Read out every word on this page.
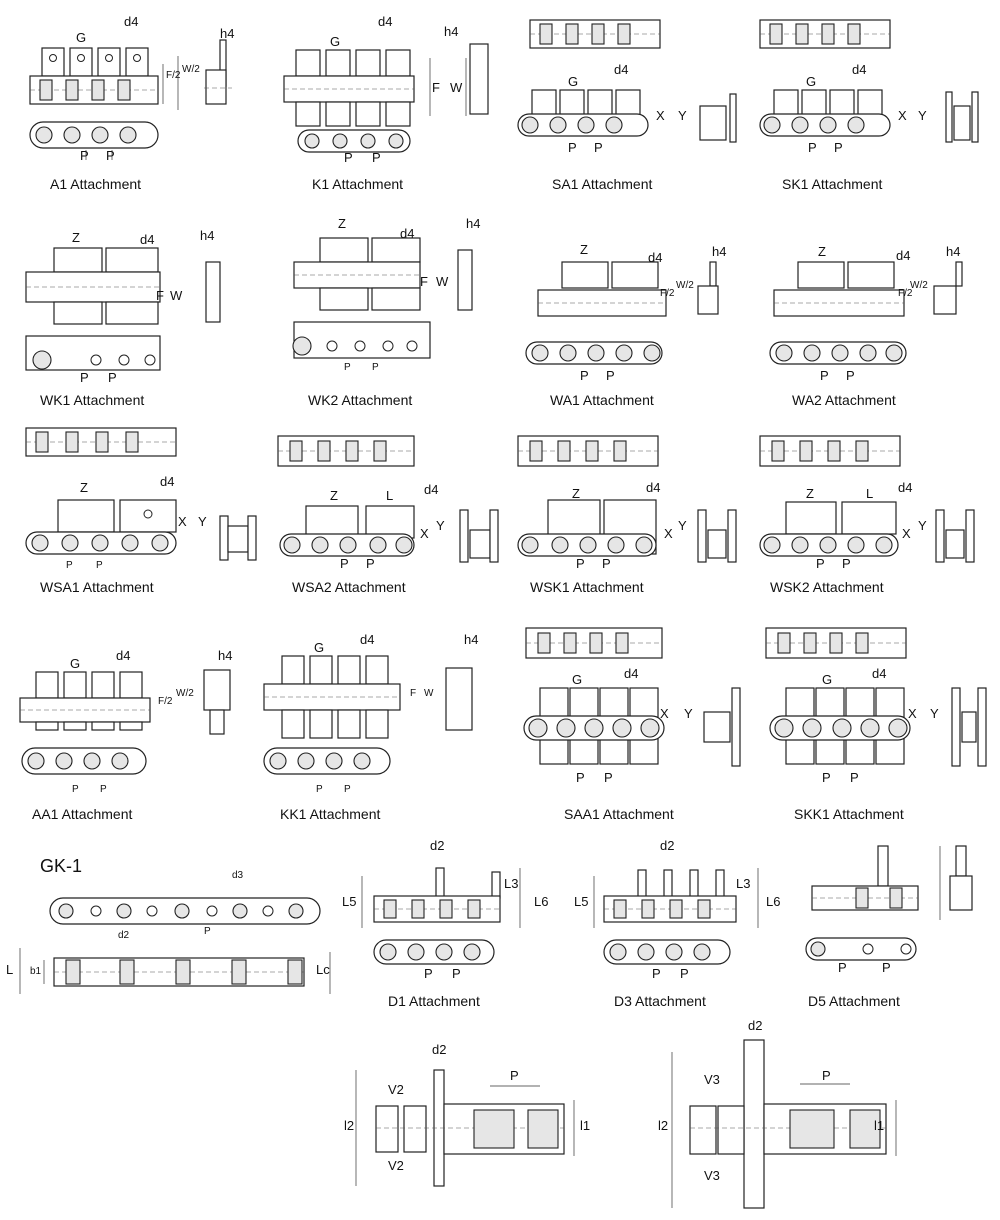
G
d4
h4
F/2
W/2
P P
A1 Attachment
G
d4
h4
F W
P P
K1 Attachment
G
d4
X Y
P P
SA1 Attachment
G
d4
X Y
P P
SK1 Attachment
Z	d4	h4
F W
P P
WK1 Attachment
Z
d4
h4
F W
P P
WK2 Attachment
Z
d4	h4
F/2
W/2
P P
WA1 Attachment
Z	d4	h4
F/2
W/2
P P
WA2 Attachment
Z	d4
X Y
P P
WSA1 Attachment
Z	L d4
X
Y
P P
WSA2 Attachment
Z	d4
X
Y
P P
WSK1 Attachment
Z	L d4
X
Y
P P
WSK2 Attachment
G
d4	h4
F/2
W/2
P P
AA1 Attachment
G
d4	h4
F W
P P
KK1 Attachment
G	d4
X Y
P P
SAA1 Attachment
G	d4
X Y
P P
SKK1 Attachment
GK-1	d3
P
d2
L b1	Lc
d2
L3
L5	L6
P P
D1 Attachment
d2
L3
L5	L6
P P
D3 Attachment
P	P
D5 Attachment
d2
P
V2
V2
l2	l1
d2
P
V3
V3
l2	l1
